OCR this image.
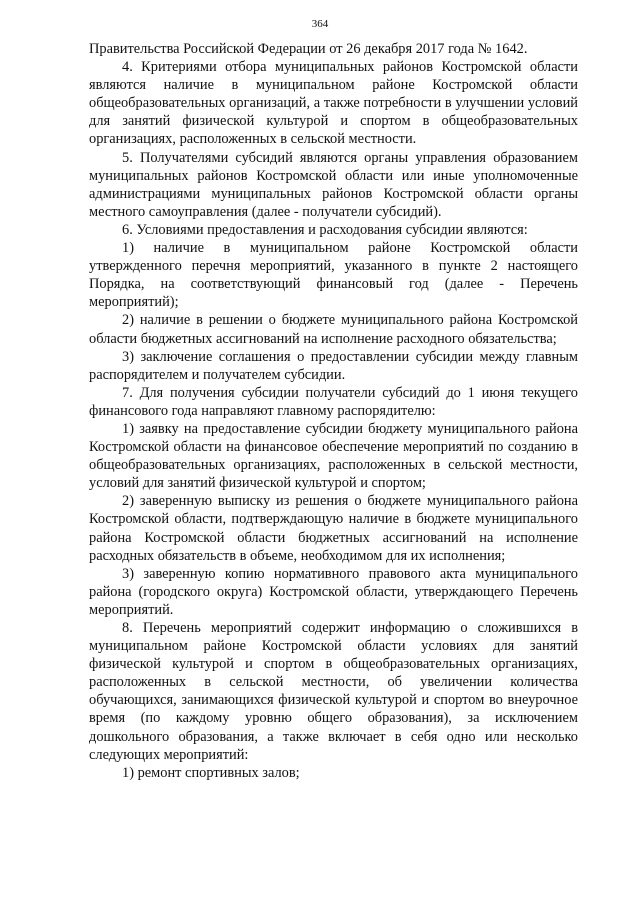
364

Правительства Российской Федерации от 26 декабря 2017 года № 1642.

4. Критериями отбора муниципальных районов Костромской области являются наличие в муниципальном районе Костромской области общеобразовательных организаций, а также потребности в улучшении условий для занятий физической культурой и спортом в общеобразовательных организациях, расположенных в сельской местности.

5. Получателями субсидий являются органы управления образованием муниципальных районов Костромской области или иные уполномоченные администрациями муниципальных районов Костромской области органы местного самоуправления (далее - получатели субсидий).

6. Условиями предоставления и расходования субсидии являются:

1) наличие в муниципальном районе Костромской области утвержденного перечня мероприятий, указанного в пункте 2 настоящего Порядка, на соответствующий финансовый год (далее - Перечень мероприятий);

2) наличие в решении о бюджете муниципального района Костромской области бюджетных ассигнований на исполнение расходного обязательства;

3) заключение соглашения о предоставлении субсидии между главным распорядителем и получателем субсидии.

7. Для получения субсидии получатели субсидий до 1 июня текущего финансового года направляют главному распорядителю:

1) заявку на предоставление субсидии бюджету муниципального района Костромской области на финансовое обеспечение мероприятий по созданию в общеобразовательных организациях, расположенных в сельской местности, условий для занятий физической культурой и спортом;

2) заверенную выписку из решения о бюджете муниципального района Костромской области, подтверждающую наличие в бюджете муниципального района Костромской области бюджетных ассигнований на исполнение расходных обязательств в объеме, необходимом для их исполнения;

3) заверенную копию нормативного правового акта муниципального района (городского округа) Костромской области, утверждающего Перечень мероприятий.

8. Перечень мероприятий содержит информацию о сложившихся в муниципальном районе Костромской области условиях для занятий физической культурой и спортом в общеобразовательных организациях, расположенных в сельской местности, об увеличении количества обучающихся, занимающихся физической культурой и спортом во внеурочное время (по каждому уровню общего образования), за исключением дошкольного образования, а также включает в себя одно или несколько следующих мероприятий:

1) ремонт спортивных залов;
